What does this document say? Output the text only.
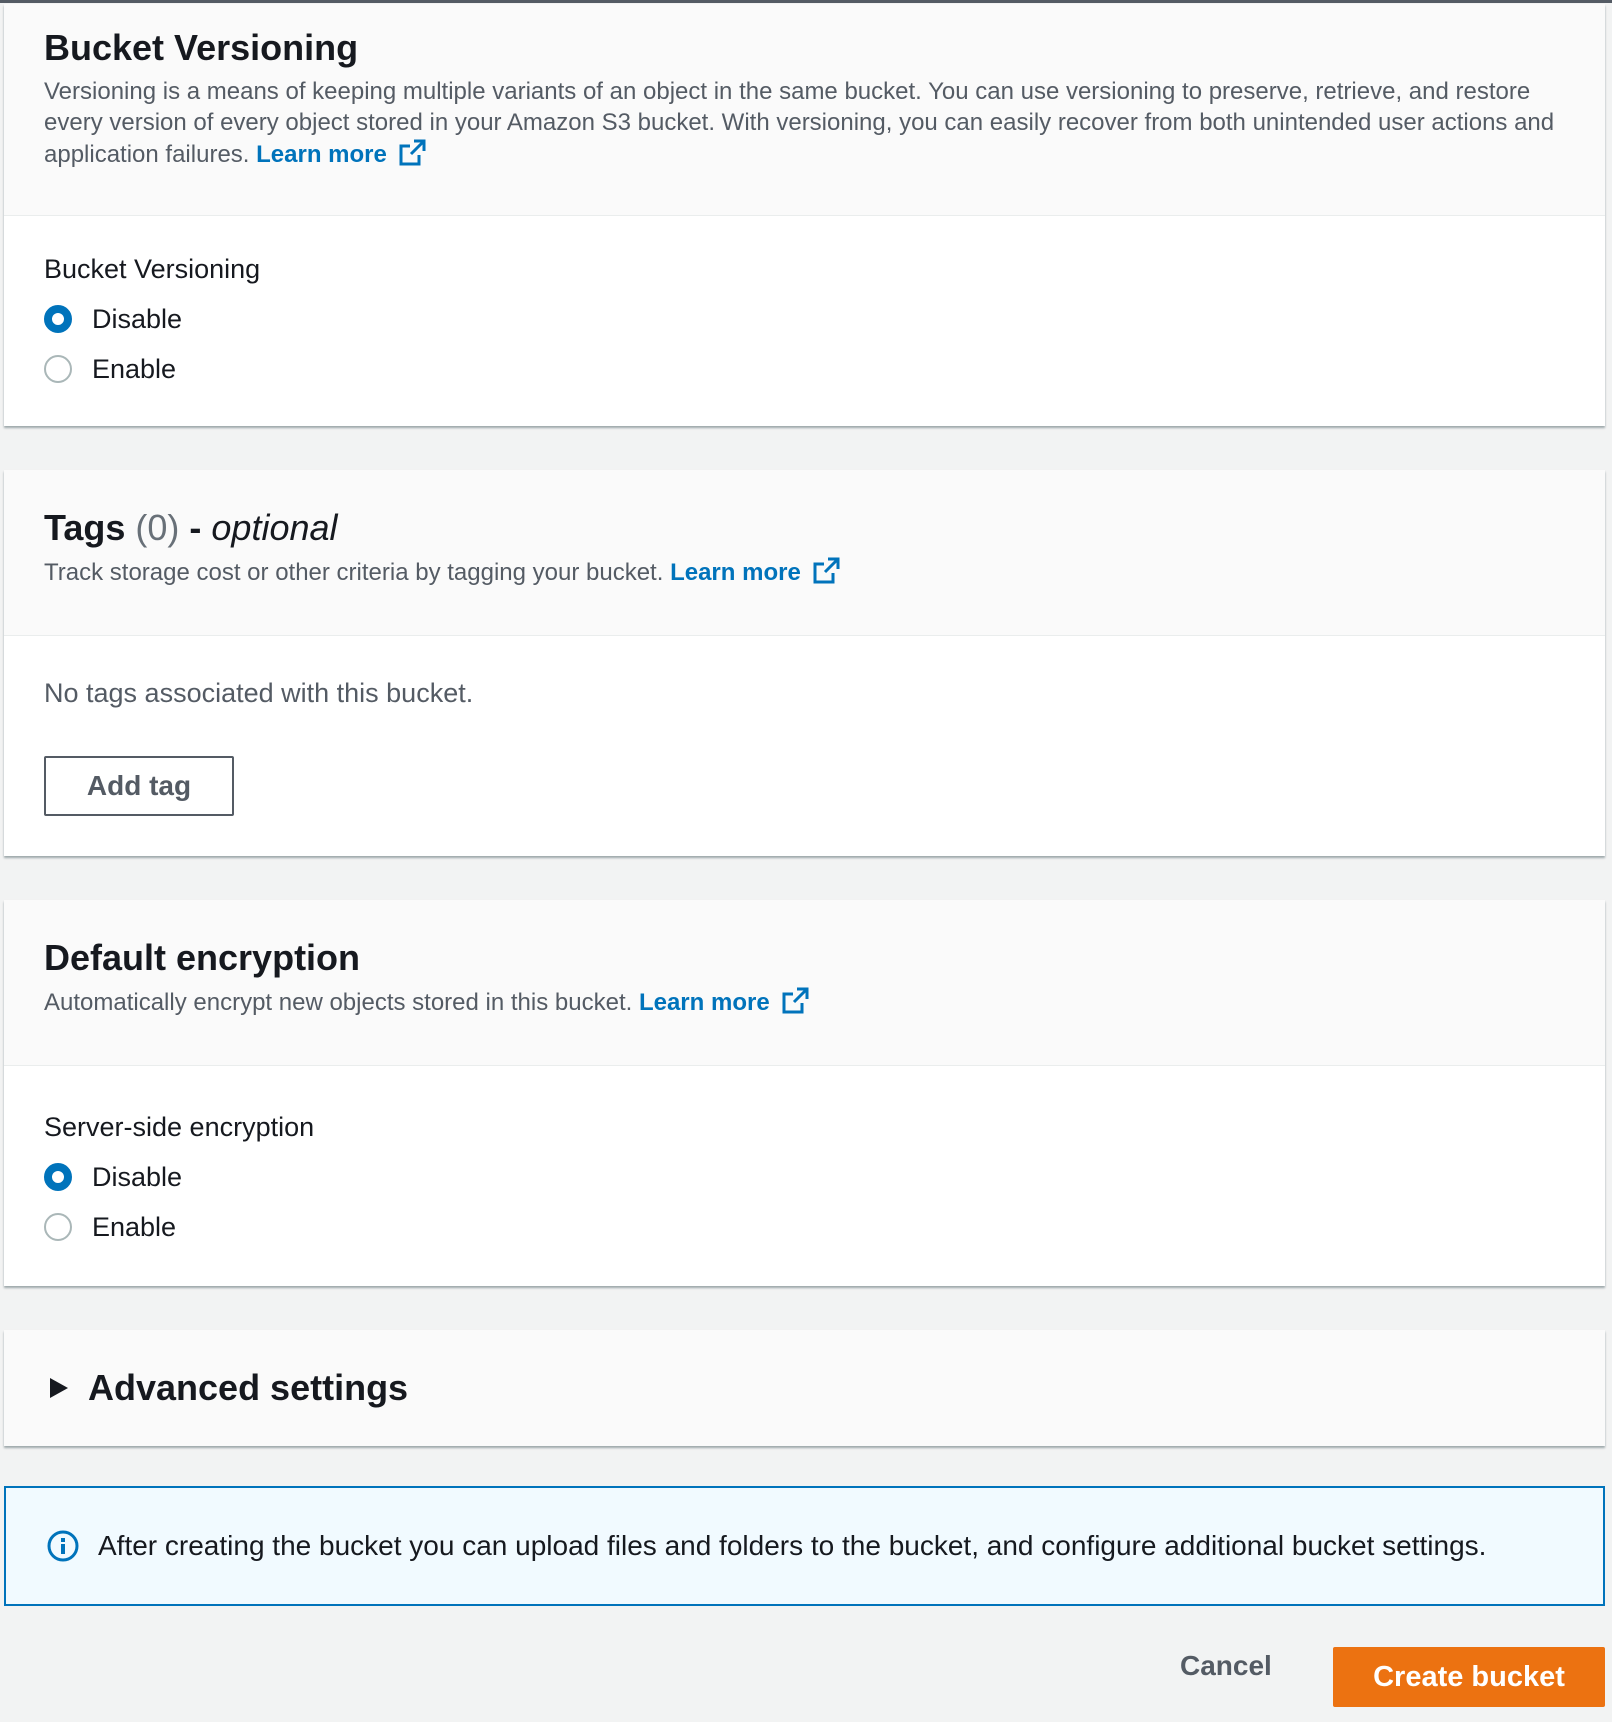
Bucket Versioning

Versioning is a means of keeping multiple variants of an object in the same bucket. You can use versioning to preserve, retrieve, and restore every version of every object stored in your Amazon S3 bucket. With versioning, you can easily recover from both unintended user actions and application failures. Learn more

Bucket Versioning
Disable
Enable
Tags (0) - optional

Track storage cost or other criteria by tagging your bucket. Learn more

No tags associated with this bucket.
Add tag
Default encryption

Automatically encrypt new objects stored in this bucket. Learn more

Server-side encryption
Disable
Enable
Advanced settings
After creating the bucket you can upload files and folders to the bucket, and configure additional bucket settings.
Cancel	Create bucket
